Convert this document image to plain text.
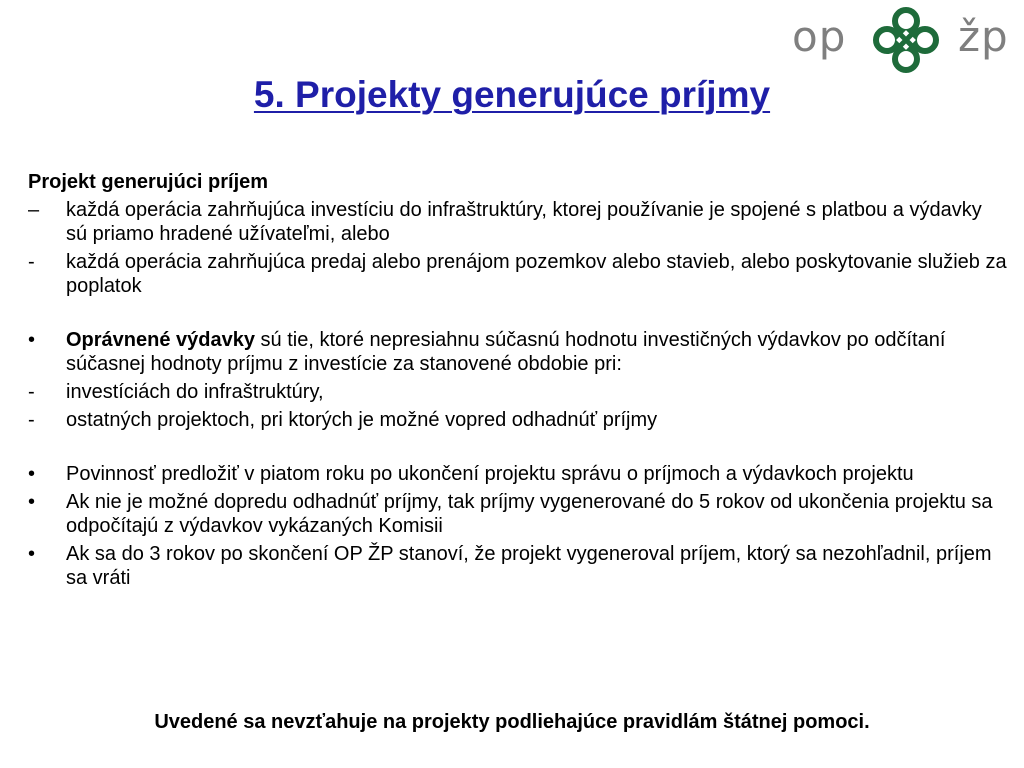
op	žp
5. Projekty generujúce príjmy

Projekt generujúci príjem

–	každá operácia zahrňujúca investíciu do infraštruktúry, ktorej používanie je spojené s platbou a výdavky sú priamo hradené užívateľmi, alebo
-	každá operácia zahrňujúca predaj alebo prenájom pozemkov alebo stavieb, alebo poskytovanie služieb za poplatok
•	Oprávnené výdavky sú tie, ktoré nepresiahnu súčasnú hodnotu investičných výdavkov po odčítaní súčasnej hodnoty príjmu z investície za stanovené obdobie pri:
-	investíciách do infraštruktúry,
-	ostatných projektoch, pri ktorých je možné vopred odhadnúť príjmy
•	Povinnosť predložiť v piatom roku po ukončení projektu správu o príjmoch a výdavkoch projektu
•	Ak nie je možné dopredu odhadnúť príjmy, tak príjmy vygenerované do 5 rokov od ukončenia projektu sa odpočítajú z výdavkov vykázaných Komisii
•	Ak sa do 3 rokov po skončení OP ŽP stanoví, že projekt vygeneroval príjem, ktorý sa nezohľadnil, príjem sa vráti

Uvedené sa nevzťahuje na projekty podliehajúce pravidlám štátnej pomoci.
